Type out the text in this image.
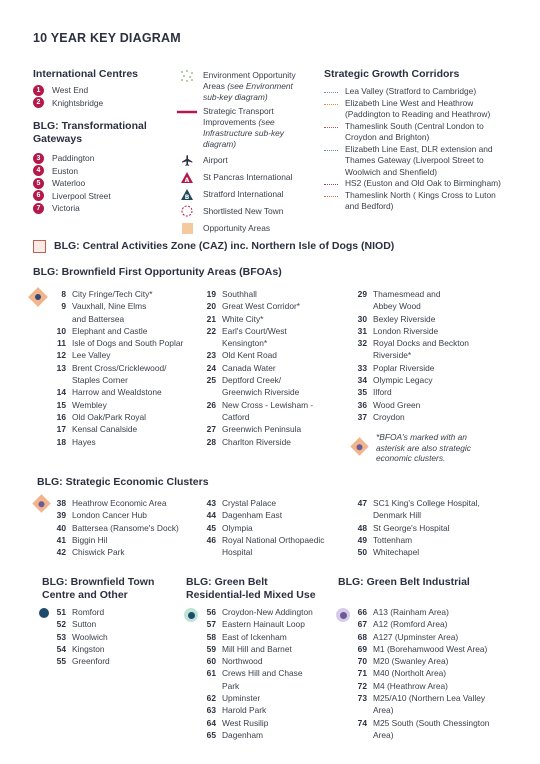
10 YEAR KEY DIAGRAM
International Centres
1	West End
2	Knightsbridge
BLG: Transformational
Gateways
3	Paddington
4	Euston
5	Waterloo
6	Liverpool Street
7	Victoria
Environment Opportunity
Areas (see Environment
sub-key diagram)
Strategic Transport
Improvements (see
Infrastructure sub-key
diagram)
Airport
A St Pancras International
B Stratford International
Shortlisted New Town
Opportunity Areas
Strategic Growth Corridors
Lea Valley (Stratford to Cambridge)
Elizabeth Line West and Heathrow
(Paddington to Reading and Heathrow)
Thameslink South (Central London to
Croydon and Brighton)
Elizabeth Line East, DLR extension and
Thames Gateway (Liverpool Street to
Woolwich and Shenfield)
HS2 (Euston and Old Oak to Birmingham)
Thameslink North ( Kings Cross to Luton
and Bedford)
BLG: Central Activities Zone (CAZ) inc. Northern Isle of Dogs (NIOD)
BLG: Brownfield First Opportunity Areas (BFOAs)
8 City Fringe/Tech City*
9 Vauxhall, Nine Elms
and Battersea
10 Elephant and Castle
11 Isle of Dogs and South Poplar
12 Lee Valley
13 Brent Cross/Cricklewood/
Staples Corner
14 Harrow and Wealdstone
15 Wembley
16 Old Oak/Park Royal
17 Kensal Canalside
18 Hayes
19 Southhall
20 Great West Corridor*
21 White City*
22 Earl's Court/West
Kensington*
23 Old Kent Road
24 Canada Water
25 Deptford Creek/
Greenwich Riverside
26 New Cross - Lewisham -
Catford
27 Greenwich Peninsula
28 Charlton Riverside
29 Thamesmead and
Abbey Wood
30 Bexley Riverside
31 London Riverside
32 Royal Docks and Beckton
Riverside*
33 Poplar Riverside
34 Olympic Legacy
35 Ilford
36 Wood Green
37 Croydon
*BFOA's marked with an
asterisk are also strategic
economic clusters.
BLG: Strategic Economic Clusters
38 Heathrow Economic Area
39 London Cancer Hub
40 Battersea (Ransome's Dock)
41 Biggin Hil
42 Chiswick Park
43 Crystal Palace
44 Dagenham East
45 Olympia
46 Royal National Orthopaedic
Hospital
47 SC1 King's College Hospital,
Denmark Hill
48 St George's Hospital
49 Tottenham
50 Whitechapel
BLG: Brownfield Town
Centre and Other
51 Romford
52 Sutton
53 Woolwich
54 Kingston
55 Greenford
BLG: Green Belt
Residential-led Mixed Use
56 Croydon-New Addington
57 Eastern Hainault Loop
58 East of Ickenham
59 Mill Hill and Barnet
60 Northwood
61 Crews Hill and Chase
Park
62 Upminster
63 Harold Park
64 West Rusilip
65 Dagenham
BLG: Green Belt Industrial
66 A13 (Rainham Area)
67 A12 (Romford Area)
68 A127 (Upminster Area)
69 M1 (Borehamwood West Area)
70 M20 (Swanley Area)
71 M40 (Northolt Area)
72 M4 (Heathrow Area)
73 M25/A10 (Northern Lea Valley
Area)
74 M25 South (South Chessington
Area)
